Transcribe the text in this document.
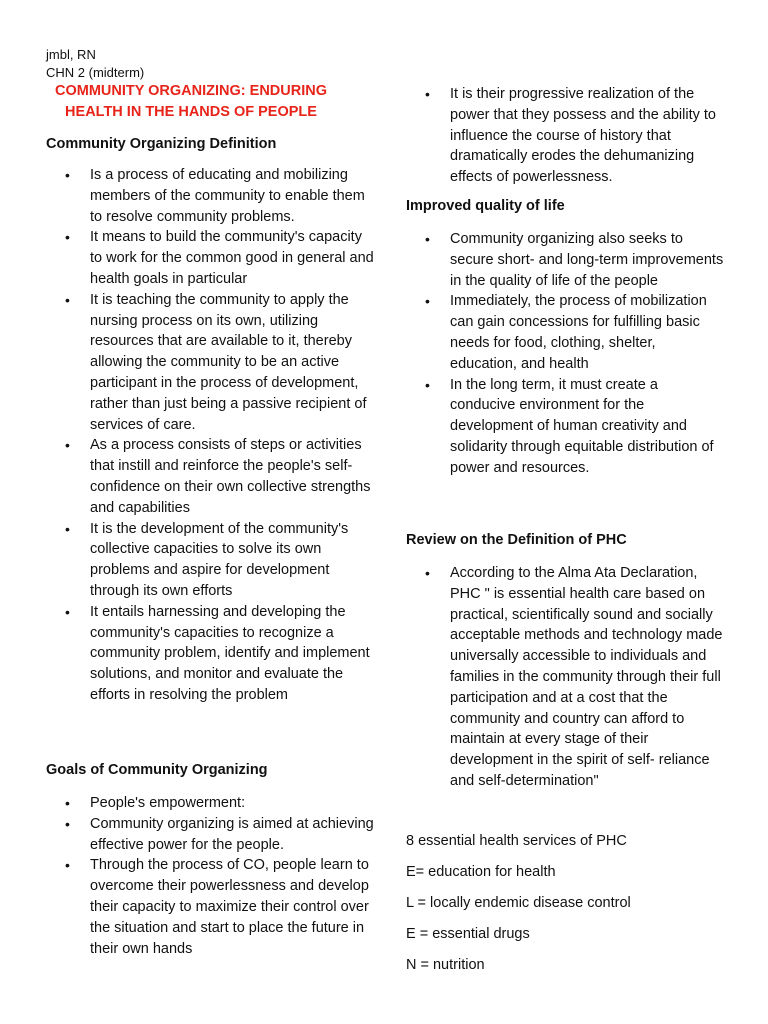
jmbl, RN
CHN 2 (midterm)
COMMUNITY ORGANIZING: ENDURING
HEALTH IN THE HANDS OF PEOPLE
Community Organizing Definition
• Is a process of educating and mobilizing members of the community to enable them to resolve community problems.
• It means to build the community's capacity to work for the common good in general and health goals in particular
• It is teaching the community to apply the nursing process on its own, utilizing resources that are available to it, thereby allowing the community to be an active participant in the process of development, rather than just being a passive recipient of services of care.
• As a process consists of steps or activities that instill and reinforce the people's self-confidence on their own collective strengths and capabilities
• It is the development of the community's collective capacities to solve its own problems and aspire for development through its own efforts
• It entails harnessing and developing the community's capacities to recognize a community problem, identify and implement solutions, and monitor and evaluate the efforts in resolving the problem
Goals of Community Organizing
• People's empowerment:
• Community organizing is aimed at achieving effective power for the people.
• Through the process of CO, people learn to overcome their powerlessness and develop their capacity to maximize their control over the situation and start to place the future in their own hands
• It is their progressive realization of the power that they possess and the ability to influence the course of history that dramatically erodes the dehumanizing effects of powerlessness.
Improved quality of life
• Community organizing also seeks to secure short- and long-term improvements in the quality of life of the people
• Immediately, the process of mobilization can gain concessions for fulfilling basic needs for food, clothing, shelter, education, and health
• In the long term, it must create a conducive environment for the development of human creativity and solidarity through equitable distribution of power and resources.
Review on the Definition of PHC
• According to the Alma Ata Declaration, PHC " is essential health care based on practical, scientifically sound and socially acceptable methods and technology made universally accessible to individuals and families in the community through their full participation and at a cost that the community and country can afford to maintain at every stage of their development in the spirit of self- reliance and self-determination"
8 essential health services of PHC
E= education for health
L = locally endemic disease control
E = essential drugs
N = nutrition
